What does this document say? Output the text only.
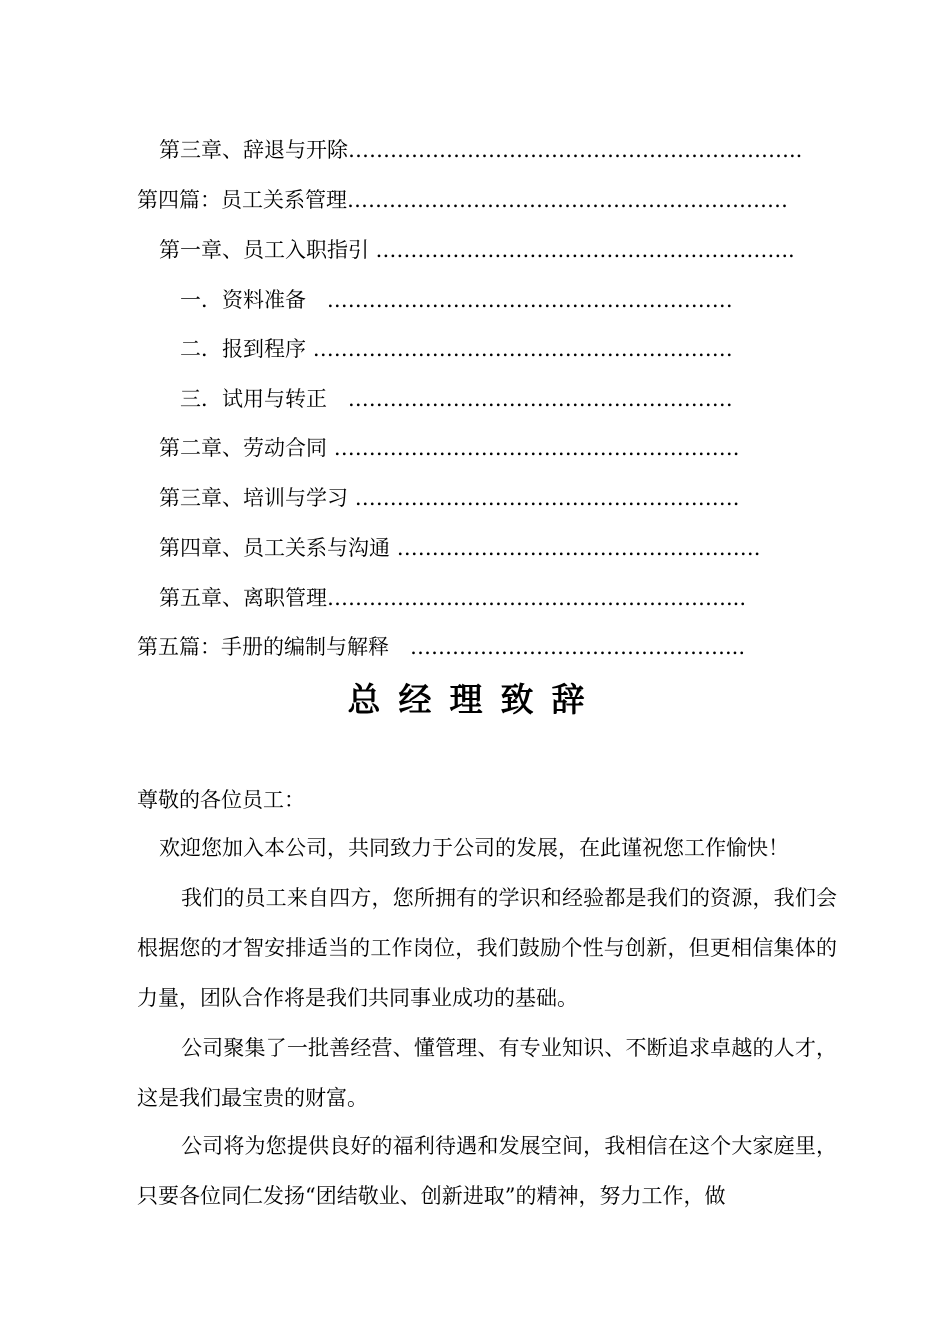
第三章、辞退与开除………………………………………………………..
第四篇：员工关系管理………………………………………………………
第一章、员工入职指引 .…………………………………………………..
一．资料准备　.…………………………………………………
二．报到程序 ……………………………………………………
三．试用与转正　.………………………………………………
第二章、劳动合同 ………………………………………………….
第三章、培训与学习 ……………………………………………….
第四章、员工关系与沟通 …………………………………………….
第五章、离职管理…………………………………………………...
第五篇：手册的编制与解释　………………………………………...
总经理致辞
尊敬的各位员工：
欢迎您加入本公司，共同致力于公司的发展，在此谨祝您工作愉快！
我们的员工来自四方，您所拥有的学识和经验都是我们的资源，我们会根据您的才智安排适当的工作岗位，我们鼓励个性与创新，但更相信集体的力量，团队合作将是我们共同事业成功的基础。
公司聚集了一批善经营、懂管理、有专业知识、不断追求卓越的人才，这是我们最宝贵的财富。
公司将为您提供良好的福利待遇和发展空间，我相信在这个大家庭里，只要各位同仁发扬“团结敬业、创新进取”的精神，努力工作，做
